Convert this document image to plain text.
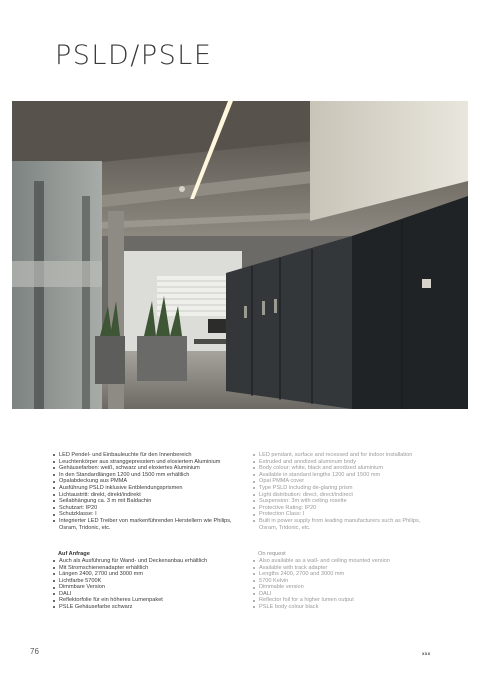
PSLD/PSLE
LED Pendel- und Einbauleuchte für den Innenbereich
Leuchtenkörper aus stranggepresstem und eloxiertem Aluminium
Gehäusefarben: weiß, schwarz und eloxiertes Aluminium
In den Standardlängen 1200 und 1500 mm erhältlich
Opalabdeckung aus PMMA
Ausführung PSLD inklusive Entblendungsprismen
Lichtaustritt: direkt, direkt/indirekt
Seilabhängung ca. 3 m mit Baldachin
Schutzart: IP20
Schutzklasse: I
Integrierter LED Treiber von markenführenden Herstellern wie Philips, Osram, Tridonic, etc.
Auf Anfrage
Auch als Ausführung für Wand- und Deckenanbau erhältlich
Mit Stromschienenadapter erhältlich
Längen 2400, 2700 und 3000 mm
Lichtfarbe 5700K
Dimmbare Version
DALI
Reflektorfolie für ein höheres Lumenpaket
PSLE Gehäusefarbe schwarz
LED pendant, surface and recessed and for indoor installation
Extruded and anodized aluminum body
Body colour: white, black and anodized aluminium
Available in standard lengths 1200 and 1500 mm
Opal PMMA cover
Type PSLD including de-glaring prism
Light distribution: direct, direct/indirect
Suspension: 3m with ceiling rosette
Protective Rating: IP20
Protection Class: I
Built in power supply from leading manufacturers such as Philips, Osram, Tridonic, etc.
On request
Also available as a wall- and ceiling mounted version
Available with track adapter
Lengths 2400, 2700 and 3000 mm
5700 Kelvin
Dimmable version
DALI
Reflector foil for a higher lumen output
PSLE body colour black
76	xxx
